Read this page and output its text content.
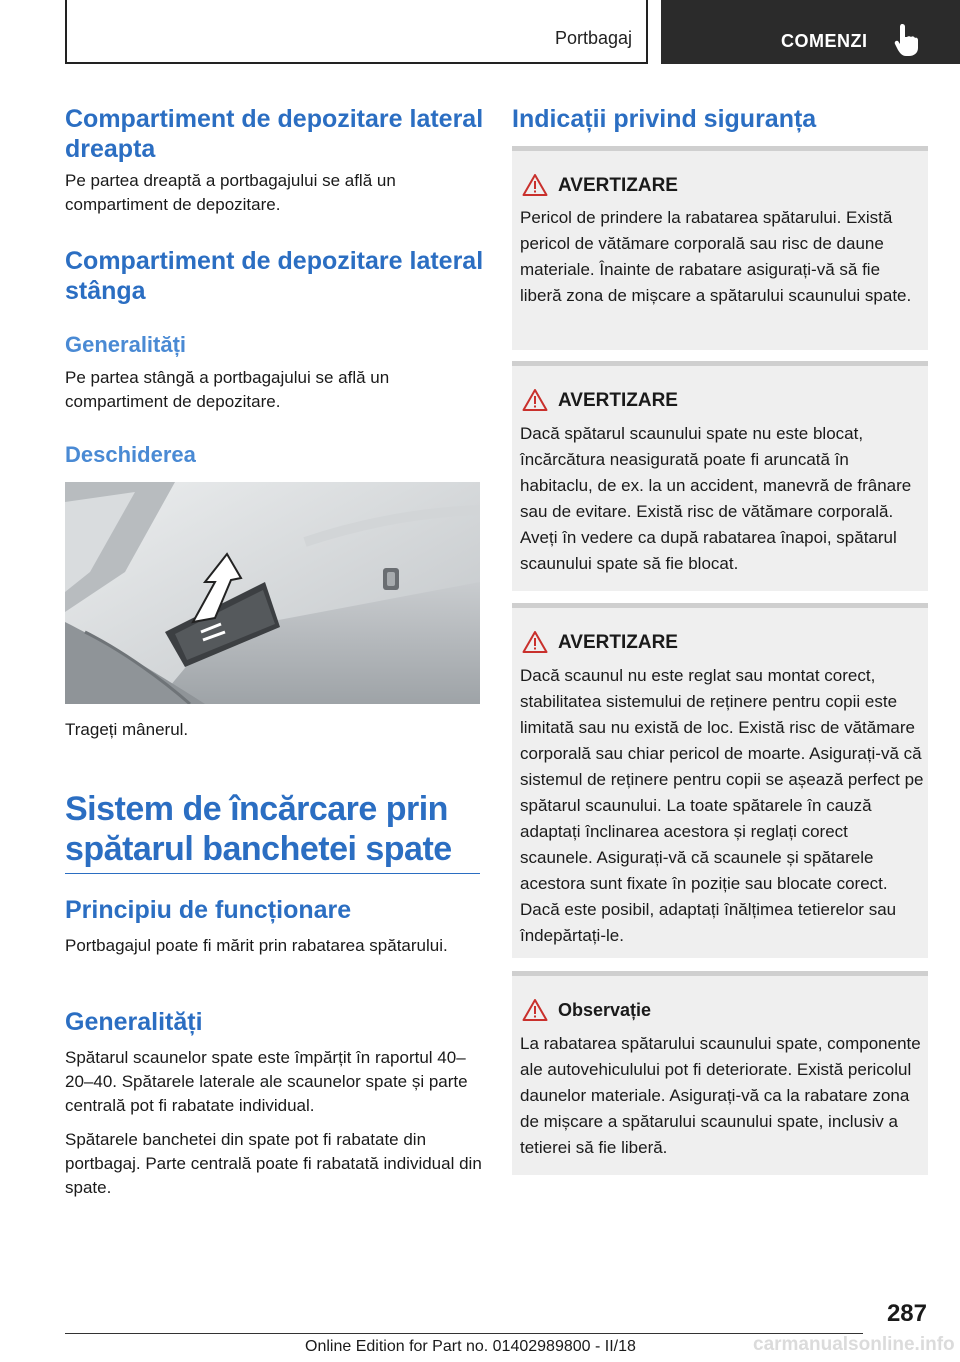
Portbagaj	COMENZI
Compartiment de depozitare lateral dreapta

Pe partea dreaptă a portbagajului se află un compartiment de depozitare.

Compartiment de depozitare lateral stânga
Generalități

Pe partea stângă a portbagajului se află un compartiment de depozitare.

Deschiderea

Trageți mânerul.

Sistem de încărcare prin spătarul banchetei spate
Principiu de funcționare

Portbagajul poate fi mărit prin rabatarea spătarului.

Generalități

Spătarul scaunelor spate este împărțit în raportul 40–20–40. Spătarele laterale ale scaunelor spate și parte centrală pot fi rabatate individual.

Spătarele banchetei din spate pot fi rabatate din portbagaj. Parte centrală poate fi rabatată individual din spate.

Indicații privind siguranța
AVERTIZARE
Pericol de prindere la rabatarea spătarului. Există pericol de vătămare corporală sau risc de daune materiale. Înainte de rabatare asigurați-vă să fie liberă zona de mișcare a spătarului scaunului spate.
AVERTIZARE
Dacă spătarul scaunului spate nu este blocat, încărcătura neasigurată poate fi aruncată în habitaclu, de ex. la un accident, manevră de frânare sau de evitare. Există risc de vătămare corporală. Aveți în vedere ca după rabatarea înapoi, spătarul scaunului spate să fie blocat.
AVERTIZARE
Dacă scaunul nu este reglat sau montat corect, stabilitatea sistemului de reținere pentru copii este limitată sau nu există de loc. Există risc de vătămare corporală sau chiar pericol de moarte. Asigurați-vă că sistemul de reținere pentru copii se așează perfect pe spătarul scaunului. La toate spătarele în cauză adaptați înclinarea acestora și reglați corect scaunele. Asigurați-vă că scaunele și spătarele acestora sunt fixate în poziție sau blocate corect. Dacă este posibil, adaptați înălțimea tetierelor sau îndepărtați-le.
Observație
La rabatarea spătarului scaunului spate, componente ale autovehiculului pot fi deteriorate. Există pericolul daunelor materiale. Asigurați-vă ca la rabatare zona de mișcare a spătarului scaunului spate, inclusiv a tetierei să fie liberă.
287
carmanualsonline.info
Online Edition for Part no. 01402989800 - II/18
